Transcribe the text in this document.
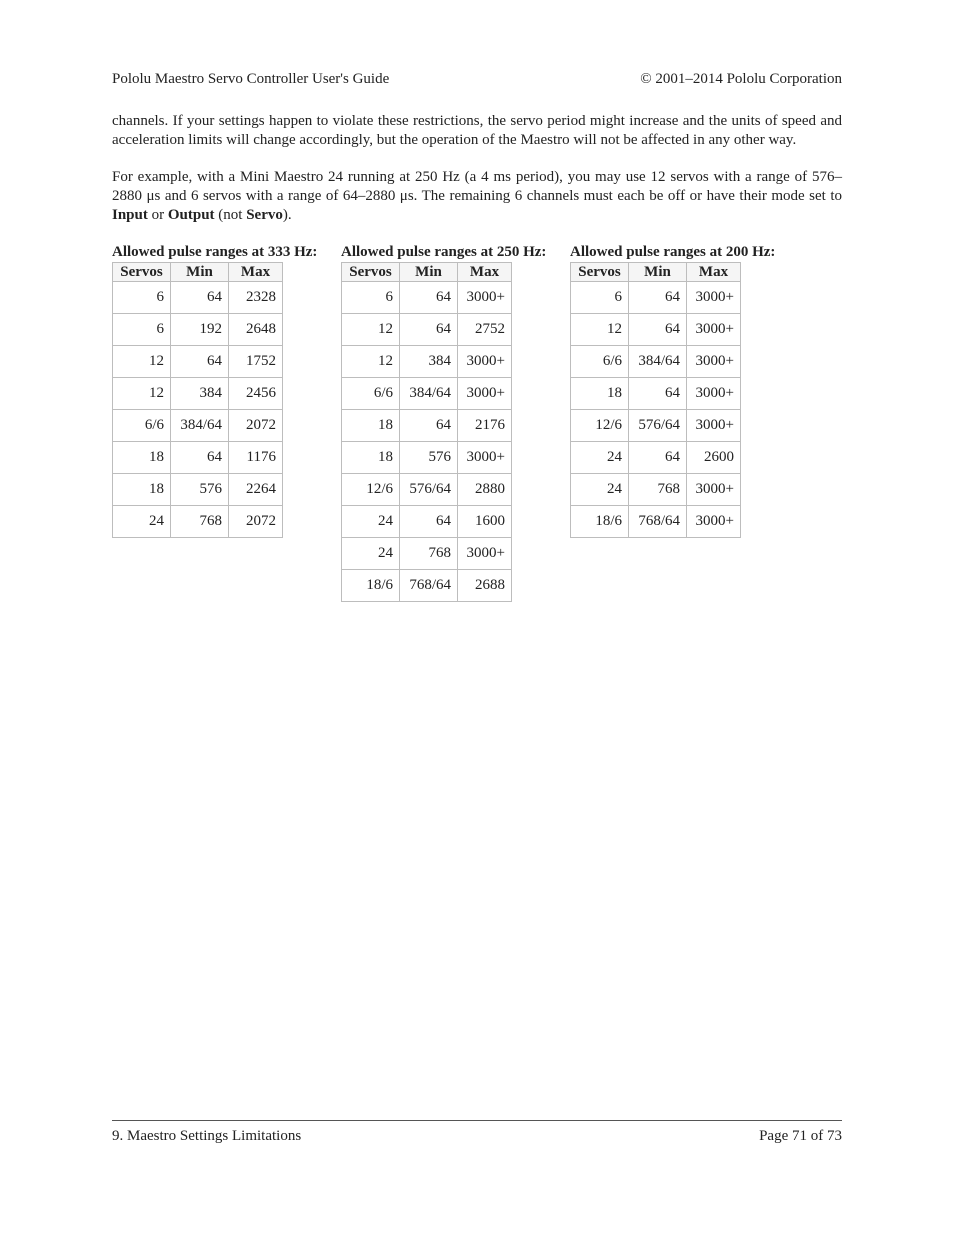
Pololu Maestro Servo Controller User's Guide	© 2001–2014 Pololu Corporation

channels. If your settings happen to violate these restrictions, the servo period might increase and the units of speed and acceleration limits will change accordingly, but the operation of the Maestro will not be affected in any other way.

For example, with a Mini Maestro 24 running at 250 Hz (a 4 ms period), you may use 12 servos with a range of 576–2880 μs and 6 servos with a range of 64–2880 μs. The remaining 6 channels must each be off or have their mode set to Input or Output (not Servo).

Allowed pulse ranges at 333 Hz:
Servos	Min	Max
6	64	2328
6	192	2648
12	64	1752
12	384	2456
6/6	384/64	2072
18	64	1176
18	576	2264
24	768	2072
Allowed pulse ranges at 250 Hz:
Servos	Min	Max
6	64	3000+
12	64	2752
12	384	3000+
6/6	384/64	3000+
18	64	2176
18	576	3000+
12/6	576/64	2880
24	64	1600
24	768	3000+
18/6	768/64	2688
Allowed pulse ranges at 200 Hz:
Servos	Min	Max
6	64	3000+
12	64	3000+
6/6	384/64	3000+
18	64	3000+
12/6	576/64	3000+
24	64	2600
24	768	3000+
18/6	768/64	3000+
9. Maestro Settings Limitations	Page 71 of 73
